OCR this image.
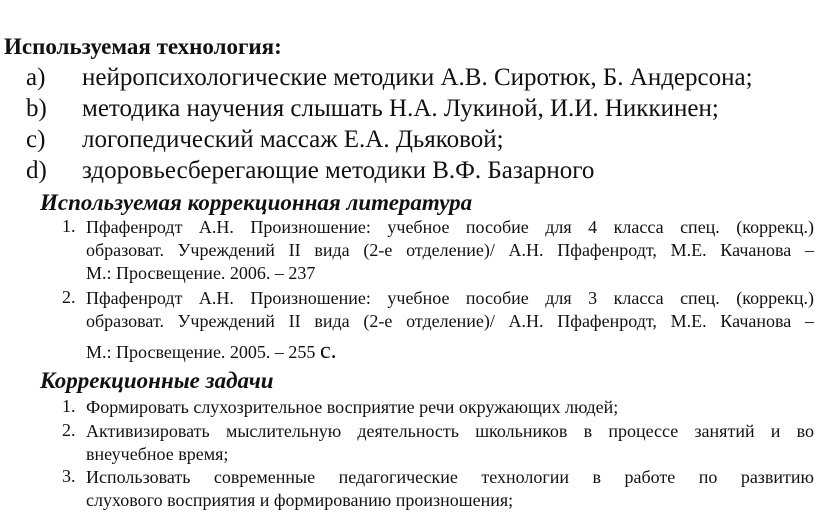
Используемая технология:
a) нейропсихологические методики А.В. Сиротюк, Б. Андерсона;
b) методика научения слышать Н.А. Лукиной, И.И. Никкинен;
c) логопедический массаж Е.А. Дьяковой;
d) здоровьесберегающие методики В.Ф. Базарного
Используемая коррекционная литература
1. Пфафенродт А.Н. Произношение: учебное пособие для 4 класса спец. (коррекц.)
образоват. Учреждений II вида (2-е отделение)/ А.Н. Пфафенродт, М.Е. Качанова –
М.: Просвещение. 2006. – 237
2. Пфафенродт А.Н. Произношение: учебное пособие для 3 класса спец. (коррекц.)
образоват. Учреждений II вида (2-е отделение)/ А.Н. Пфафенродт, М.Е. Качанова –
М.: Просвещение. 2005. – 255 с.
Коррекционные задачи
1. Формировать слухозрительное восприятие речи окружающих людей;
2. Активизировать мыслительную деятельность школьников в процессе занятий и во
внеучебное время;
3. Использовать современные педагогические технологии в работе по развитию
слухового восприятия и формированию произношения;
